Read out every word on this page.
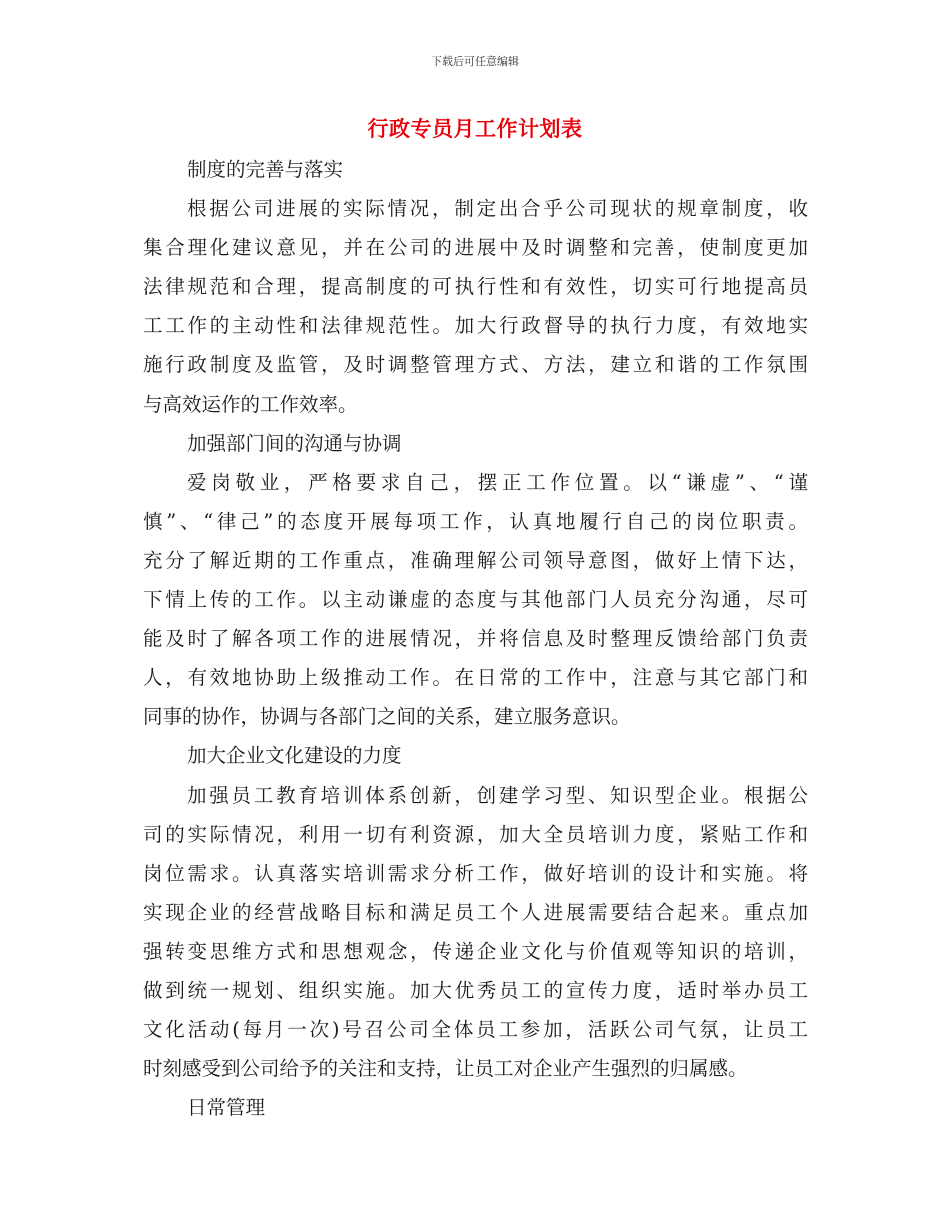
下载后可任意编辑
行政专员月工作计划表
制度的完善与落实
根据公司进展的实际情况，制定出合乎公司现状的规章制度，收
集合理化建议意见，并在公司的进展中及时调整和完善，使制度更加
法律规范和合理，提高制度的可执行性和有效性，切实可行地提高员
工工作的主动性和法律规范性。加大行政督导的执行力度，有效地实
施行政制度及监管，及时调整管理方式、方法，建立和谐的工作氛围
与高效运作的工作效率。
加强部门间的沟通与协调
爱岗敬业，严格要求自己，摆正工作位置。以“谦虚”、“谨
慎”、“律己”的态度开展每项工作，认真地履行自己的岗位职责。
充分了解近期的工作重点，准确理解公司领导意图，做好上情下达，
下情上传的工作。以主动谦虚的态度与其他部门人员充分沟通，尽可
能及时了解各项工作的进展情况，并将信息及时整理反馈给部门负责
人，有效地协助上级推动工作。在日常的工作中，注意与其它部门和
同事的协作，协调与各部门之间的关系，建立服务意识。
加大企业文化建设的力度
加强员工教育培训体系创新，创建学习型、知识型企业。根据公
司的实际情况，利用一切有利资源，加大全员培训力度，紧贴工作和
岗位需求。认真落实培训需求分析工作，做好培训的设计和实施。将
实现企业的经营战略目标和满足员工个人进展需要结合起来。重点加
强转变思维方式和思想观念，传递企业文化与价值观等知识的培训，
做到统一规划、组织实施。加大优秀员工的宣传力度，适时举办员工
文化活动(每月一次)号召公司全体员工参加，活跃公司气氛，让员工
时刻感受到公司给予的关注和支持，让员工对企业产生强烈的归属感。
日常管理
